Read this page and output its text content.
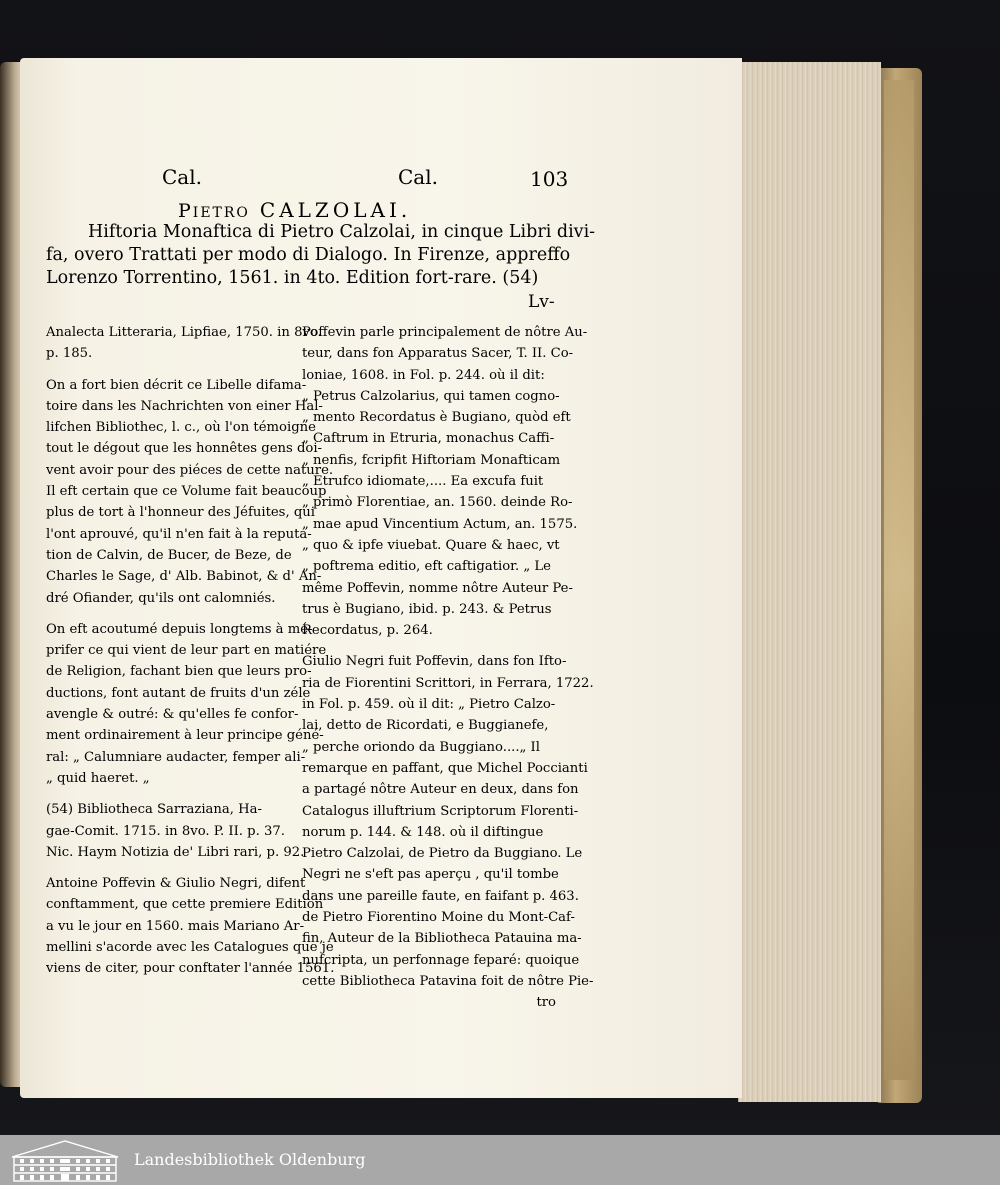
Cal.	Cal.	103
PIETRO CALZOLAI.
Hiftoria Monaftica di Pietro Calzolai, in cinque Libri divi-
fa, overo Trattati per modo di Dialogo. In Firenze, appreffo
Lorenzo Torrentino, 1561. in 4to. Edition fort-rare. (54)
Lv-

Analecta Litteraria, Lipfiae, 1750. in 8vo.
p. 185.

On a fort bien décrit ce Libelle difama-
toire dans les Nachrichten von einer Hal-
lifchen Bibliothec, l. c., où l'on témoigne
tout le dégout que les honnêtes gens doi-
vent avoir pour des piéces de cette nature.
Il eft certain que ce Volume fait beaucoup
plus de tort à l'honneur des Jéfuites, qui
l'ont aprouvé, qu'il n'en fait à la reputa-
tion de Calvin, de Bucer, de Beze, de
Charles le Sage, d' Alb. Babinot, & d' An-
dré Ofiander, qu'ils ont calomniés.

On eft acoutumé depuis longtems à mé-
prifer ce qui vient de leur part en matiére
de Religion, fachant bien que leurs pro-
ductions, font autant de fruits d'un zéle
avengle & outré: & qu'elles fe confor-
ment ordinairement à leur principe géné-
ral: „ Calumniare audacter, femper ali-
„ quid haeret. „

(54) Bibliotheca Sarraziana, Ha-
gae-Comit. 1715. in 8vo. P. II. p. 37.
Nic. Haym Notizia de' Libri rari, p. 92.

Antoine Poffevin & Giulio Negri, difent
conftamment, que cette premiere Edition
a vu le jour en 1560. mais Mariano Ar-
mellini s'acorde avec les Catalogues que je
viens de citer, pour conftater l'année 1561.

Poffevin parle principalement de nôtre Au-
teur, dans fon Apparatus Sacer, T. II. Co-
loniae, 1608. in Fol. p. 244. où il dit:
„ Petrus Calzolarius, qui tamen cogno-
„ mento Recordatus è Bugiano, quòd eft
„ Caftrum in Etruria, monachus Caffi-
„ nenfis, fcripfit Hiftoriam Monafticam
„ Etrufco idiomate,.... Ea excufa fuit
„ primò Florentiae, an. 1560. deinde Ro-
„ mae apud Vincentium Actum, an. 1575.
„ quo & ipfe viuebat. Quare & haec, vt
„ poftrema editio, eft caftigatior. „ Le
même Poffevin, nomme nôtre Auteur Pe-
trus è Bugiano, ibid. p. 243. & Petrus
Recordatus, p. 264.

Giulio Negri fuit Poffevin, dans fon Ifto-
ria de Fiorentini Scrittori, in Ferrara, 1722.
in Fol. p. 459. où il dit: „ Pietro Calzo-
lai, detto de Ricordati, e Buggianefe,
„ perche oriondo da Buggiano....„ Il
remarque en paffant, que Michel Poccianti
a partagé nôtre Auteur en deux, dans fon
Catalogus illuftrium Scriptorum Florenti-
norum p. 144. & 148. où il diftingue
Pietro Calzolai, de Pietro da Buggiano. Le
Negri ne s'eft pas aperçu , qu'il tombe
dans une pareille faute, en faifant p. 463.
de Pietro Fiorentino Moine du Mont-Caf-
fin, Auteur de la Bibliotheca Patauina ma-
nufcripta, un perfonnage feparé: quoique
cette Bibliotheca Patavina foit de nôtre Pie-

tro
Landesbibliothek Oldenburg
